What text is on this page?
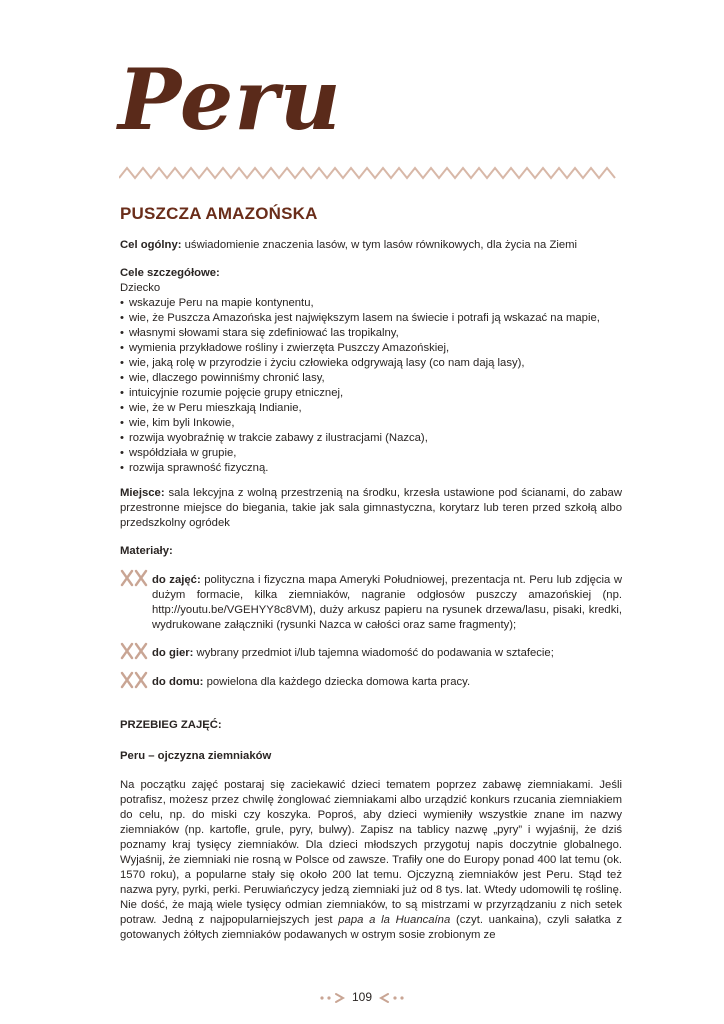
Peru
PUSZCZA AMAZOŃSKA
Cel ogólny: uświadomienie znaczenia lasów, w tym lasów równikowych, dla życia na Ziemi
Cele szczegółowe:
Dziecko
• wskazuje Peru na mapie kontynentu,
• wie, że Puszcza Amazońska jest największym lasem na świecie i potrafi ją wskazać na mapie,
• własnymi słowami stara się zdefiniować las tropikalny,
• wymienia przykładowe rośliny i zwierzęta Puszczy Amazońskiej,
• wie, jaką rolę w przyrodzie i życiu człowieka odgrywają lasy (co nam dają lasy),
• wie, dlaczego powinniśmy chronić lasy,
• intuicyjnie rozumie pojęcie grupy etnicznej,
• wie, że w Peru mieszkają Indianie,
• wie, kim byli Inkowie,
• rozwija wyobraźnię w trakcie zabawy z ilustracjami (Nazca),
• współdziała w grupie,
• rozwija sprawność fizyczną.
Miejsce: sala lekcyjna z wolną przestrzenią na środku, krzesła ustawione pod ścianami, do zabaw przestronne miejsce do biegania, takie jak sala gimnastyczna, korytarz lub teren przed szkołą albo przedszkolny ogródek
Materiały:
do zajęć: polityczna i fizyczna mapa Ameryki Południowej, prezentacja nt. Peru lub zdjęcia w dużym formacie, kilka ziemniaków, nagranie odgłosów puszczy amazońskiej (np. http://youtu.be/VGEHYY8c8VM), duży arkusz papieru na rysunek drzewa/lasu, pisaki, kredki, wydrukowane załączniki (rysunki Nazca w całości oraz same fragmenty);
do gier: wybrany przedmiot i/lub tajemna wiadomość do podawania w sztafecie;
do domu: powielona dla każdego dziecka domowa karta pracy.
PRZEBIEG ZAJĘĆ:
Peru – ojczyzna ziemniaków
Na początku zajęć postaraj się zaciekawić dzieci tematem poprzez zabawę ziemniakami. Jeśli potrafisz, możesz przez chwilę żonglować ziemniakami albo urządzić konkurs rzucania ziemniakiem do celu, np. do miski czy koszyka. Poproś, aby dzieci wymieniły wszystkie znane im nazwy ziemniaków (np. kartofle, grule, pyry, bulwy). Zapisz na tablicy nazwę „pyry” i wyjaśnij, że dziś poznamy kraj tysięcy ziemniaków. Dla dzieci młodszych przygotuj napis doczytnie globalnego. Wyjaśnij, że ziemniaki nie rosną w Polsce od zawsze. Trafiły one do Europy ponad 400 lat temu (ok. 1570 roku), a popularne stały się około 200 lat temu. Ojczyzną ziemniaków jest Peru. Stąd też nazwa pyry, pyrki, perki. Peruwiańczycy jedzą ziemniaki już od 8 tys. lat. Wtedy udomowili tę roślinę. Nie dość, że mają wiele tysięcy odmian ziemniaków, to są mistrzami w przyrządzaniu z nich setek potraw. Jedną z najpopularniejszych jest papa a la Huancaína (czyt. uankaina), czyli sałatka z gotowanych żółtych ziemniaków podawanych w ostrym sosie zrobionym ze
109
